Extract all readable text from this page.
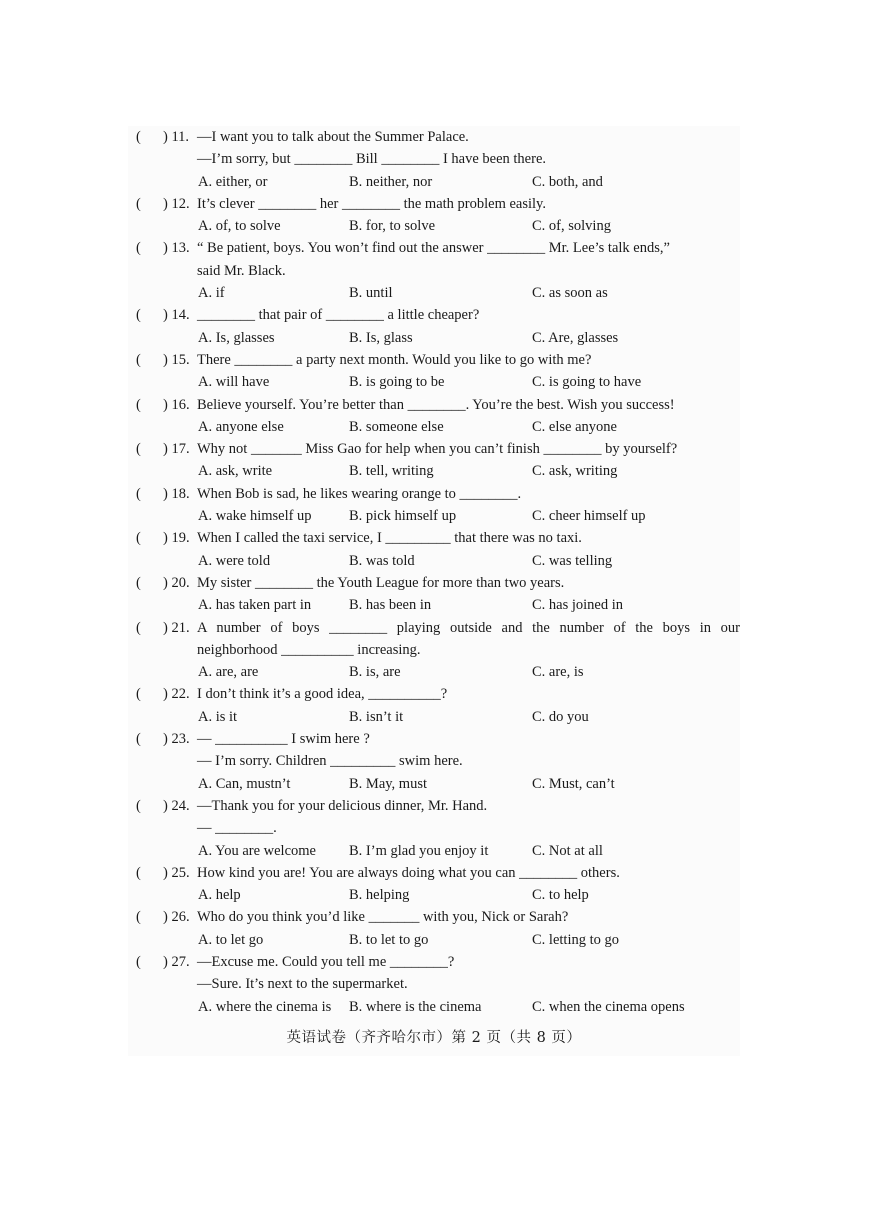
( ) 11. —I want you to talk about the Summer Palace.
—I’m sorry, but ________ Bill ________ I have been there.
A. either, or	B. neither, nor	C. both, and
( ) 12. It’s clever ________ her ________ the math problem easily.
A. of, to solve	B. for, to solve	C. of, solving
( ) 13. “ Be patient, boys. You won’t find out the answer ________ Mr. Lee’s talk ends,”
said Mr. Black.
A. if	B. until	C. as soon as
( ) 14. ________ that pair of ________ a little cheaper?
A. Is, glasses	B. Is, glass	C. Are, glasses
( ) 15. There ________ a party next month. Would you like to go with me?
A. will have	B. is going to be	C. is going to have
( ) 16. Believe yourself. You’re better than ________. You’re the best. Wish you success!
A. anyone else	B. someone else	C. else anyone
( ) 17. Why not _______ Miss Gao for help when you can’t finish ________ by yourself?
A. ask, write	B. tell, writing	C. ask, writing
( ) 18. When Bob is sad, he likes wearing orange to ________.
A. wake himself up	B. pick himself up	C. cheer himself up
( ) 19. When I called the taxi service, I _________ that there was no taxi.
A. were told	B. was told	C. was telling
( ) 20. My sister ________ the Youth League for more than two years.
A. has taken part in	B. has been in	C. has joined in
( ) 21. A number of boys ________ playing outside and the number of the boys in our
neighborhood __________ increasing.
A. are, are	B. is, are	C. are, is
( ) 22. I don’t think it’s a good idea, __________?
A. is it	B. isn’t it	C. do you
( ) 23. — __________ I swim here ?
— I’m sorry. Children _________ swim here.
A. Can, mustn’t	B. May, must	C. Must, can’t
( ) 24. —Thank you for your delicious dinner, Mr. Hand.
— ________.
A. You are welcome B. I’m glad you enjoy it	C. Not at all
( ) 25. How kind you are! You are always doing what you can ________ others.
A. help	B. helping	C. to help
( ) 26. Who do you think you’d like _______ with you, Nick or Sarah?
A. to let go	B. to let to go	C. letting to go
( ) 27. —Excuse me. Could you tell me ________?
—Sure. It’s next to the supermarket.
A. where the cinema is B. where is the cinema	C. when the cinema opens
英语试卷（齐齐哈尔市）第 2 页（共 8 页）
